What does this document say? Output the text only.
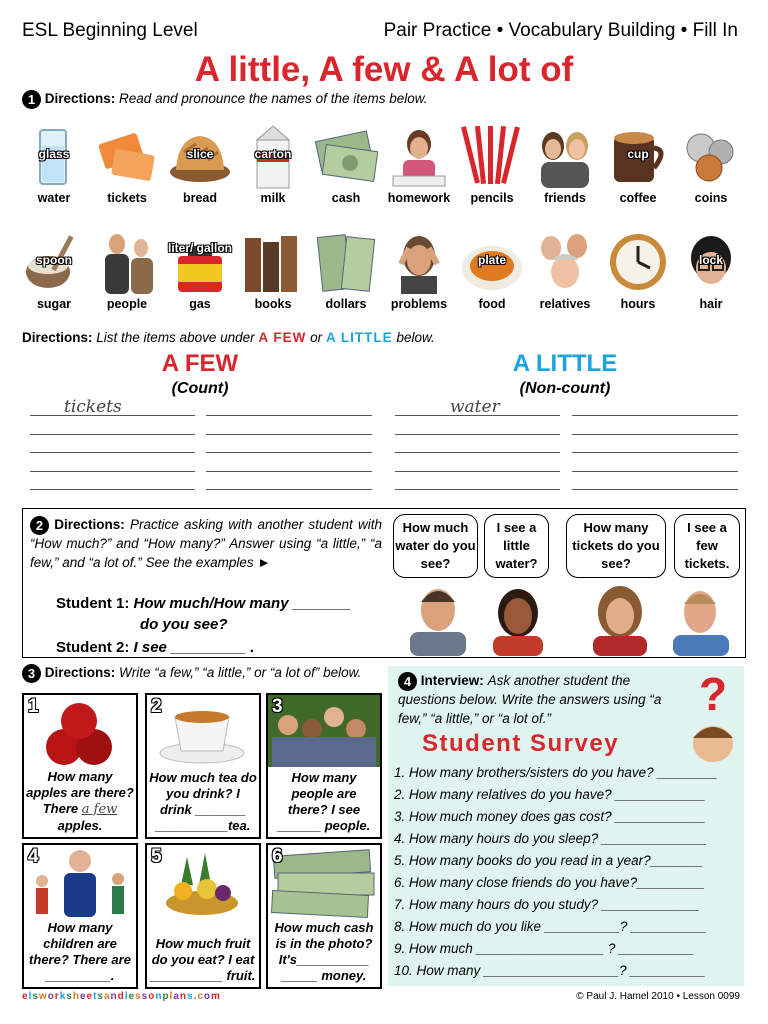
ESL Beginning Level	Pair Practice • Vocabulary Building • Fill In
A little, A few & A lot of
1 Directions: Read and pronounce the names of the items below.
glass
water	tickets
slice
bread
carton
milk	cash	homework	pencils	friends
cup
coffee	coins
spoon
sugar	people
liter/ gallon
gas	books	dollars	problems
plate
food	relatives	hours
lock
hair
Directions: List the items above under A FEW or A LITTLE below.
A FEW
(Count)
A LITTLE
(Non-count)
tickets	water
2 Directions: Practice asking with another student with “How much?” and “How many?” Answer using “a little,” “a few,” and “a lot of.” See the examples ►
Student 1: How much/How many _______
do you see?
Student 2: I see _________ .
How much water do you see?
I see a little water?
How many tickets do you see?
I see a few tickets.
3 Directions: Write “a few,” “a little,” or “a lot of” below.
1
How many apples are there? There a few apples.
2
How much tea do you drink? I drink _______ __________tea.
3
How many people are there? I see ______ people.
4
How many children are there? There are _________.
5
How much fruit do you eat? I eat __________ fruit.
6
How much cash is in the photo? It's__________ _____ money.
4 Interview: Ask another student the questions below. Write the answers using “a few,” “a little,” or “a lot of.”	?
Student Survey
1. How many brothers/sisters do you have? ________
2. How many relatives do you have? ____________
3. How much money does gas cost? ____________
4. How many hours do you sleep? ______________
5. How many books do you read in a year?_______
6. How many close friends do you have?_________
7. How many hours do you study? _____________
8. How much do you like __________? __________
9. How much _________________ ? __________
10. How many __________________? __________
elsworksheetsandlessonplans.com	© Paul J. Hamel 2010 • Lesson 0099
